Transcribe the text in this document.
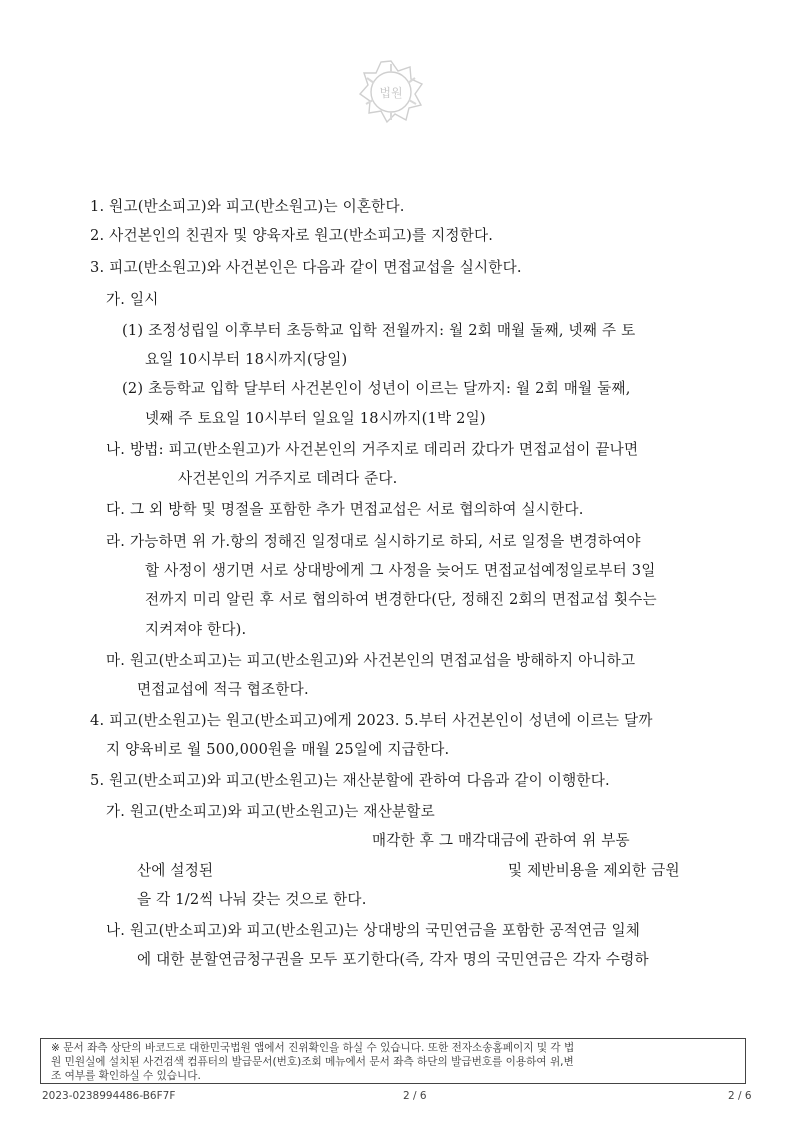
법원
1. 원고(반소피고)와 피고(반소원고)는 이혼한다.
2. 사건본인의 친권자 및 양육자로 원고(반소피고)를 지정한다.
3. 피고(반소원고)와 사건본인은 다음과 같이 면접교섭을 실시한다.
가. 일시
(1) 조정성립일 이후부터 초등학교 입학 전월까지: 월 2회 매월 둘째, 넷째 주 토
요일 10시부터 18시까지(당일)
(2) 초등학교 입학 달부터 사건본인이 성년이 이르는 달까지: 월 2회 매월 둘째,
넷째 주 토요일 10시부터 일요일 18시까지(1박 2일)
나. 방법: 피고(반소원고)가 사건본인의 거주지로 데리러 갔다가 면접교섭이 끝나면
사건본인의 거주지로 데려다 준다.
다. 그 외 방학 및 명절을 포함한 추가 면접교섭은 서로 협의하여 실시한다.
라. 가능하면 위 가.항의 정해진 일정대로 실시하기로 하되, 서로 일정을 변경하여야
할 사정이 생기면 서로 상대방에게 그 사정을 늦어도 면접교섭예정일로부터 3일
전까지 미리 알린 후 서로 협의하여 변경한다(단, 정해진 2회의 면접교섭 횟수는
지켜져야 한다).
마. 원고(반소피고)는 피고(반소원고)와 사건본인의 면접교섭을 방해하지 아니하고
면접교섭에 적극 협조한다.
4. 피고(반소원고)는 원고(반소피고)에게 2023. 5.부터 사건본인이 성년에 이르는 달까
지 양육비로 월 500,000원을 매월 25일에 지급한다.
5. 원고(반소피고)와 피고(반소원고)는 재산분할에 관하여 다음과 같이 이행한다.
가. 원고(반소피고)와 피고(반소원고)는 재산분할로
매각한 후 그 매각대금에 관하여 위 부동
산에 설정된	및 제반비용을 제외한 금원
을 각 1/2씩 나눠 갖는 것으로 한다.
나. 원고(반소피고)와 피고(반소원고)는 상대방의 국민연금을 포함한 공적연금 일체
에 대한 분할연금청구권을 모두 포기한다(즉, 각자 명의 국민연금은 각자 수령하
※ 문서 좌측 상단의 바코드로 대한민국법원 앱에서 진위확인을 하실 수 있습니다. 또한 전자소송홈페이지 및 각 법
원 민원실에 설치된 사건검색 컴퓨터의 발급문서(번호)조회 메뉴에서 문서 좌측 하단의 발급번호를 이용하여 위,변
조 여부를 확인하실 수 있습니다.
2023-0238994486-B6F7F	2 / 6	2 / 6
